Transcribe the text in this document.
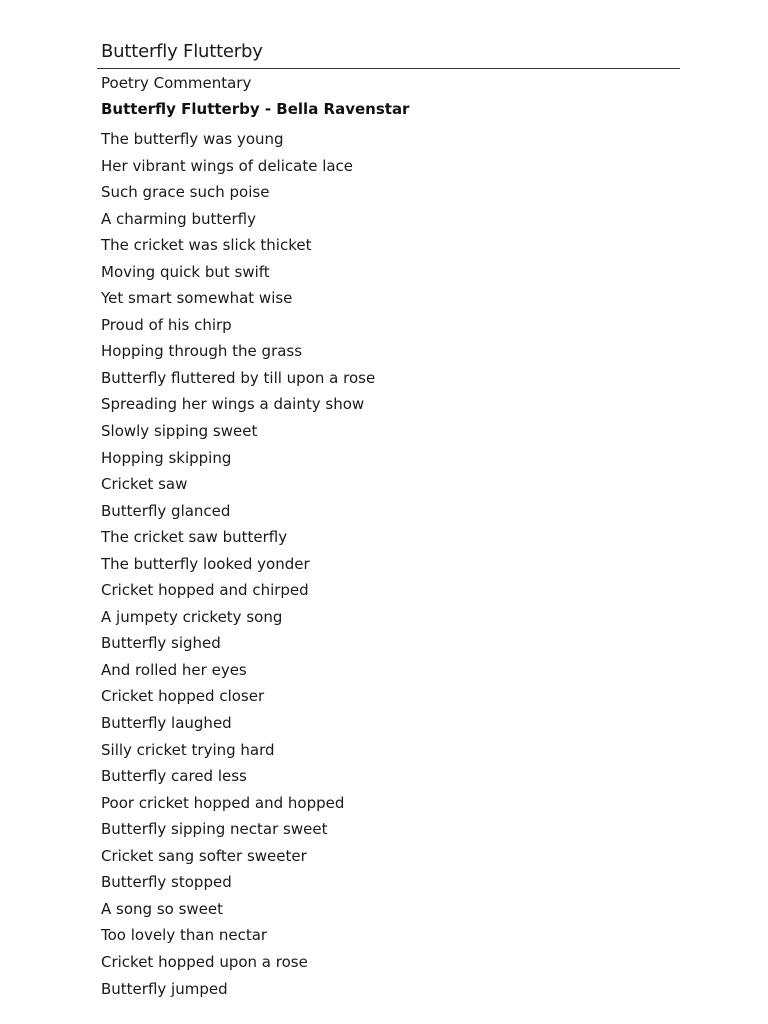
Butterfly Flutterby
Poetry Commentary
Butterfly Flutterby - Bella Ravenstar
The butterfly was young
Her vibrant wings of delicate lace
Such grace such poise
A charming butterfly
The cricket was slick thicket
Moving quick but swift
Yet smart somewhat wise
Proud of his chirp
Hopping through the grass
Butterfly fluttered by till upon a rose
Spreading her wings a dainty show
Slowly sipping sweet
Hopping skipping
Cricket saw
Butterfly glanced
The cricket saw butterfly
The butterfly looked yonder
Cricket hopped and chirped
A jumpety crickety song
Butterfly sighed
And rolled her eyes
Cricket hopped closer
Butterfly laughed
Silly cricket trying hard
Butterfly cared less
Poor cricket hopped and hopped
Butterfly sipping nectar sweet
Cricket sang softer sweeter
Butterfly stopped
A song so sweet
Too lovely than nectar
Cricket hopped upon a rose
Butterfly jumped
